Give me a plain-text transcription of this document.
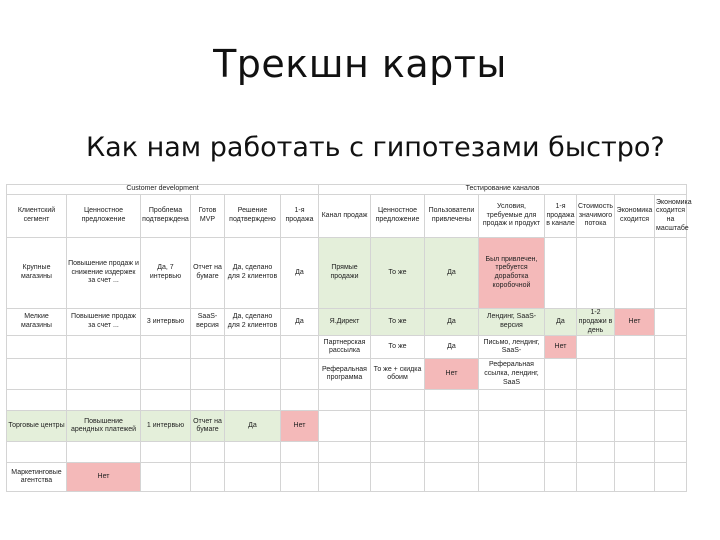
Трекшн карты
Как нам работать с гипотезами быстро?
Customer development						Тестирование каналов							
Клиентский сегмент	Ценностное предложение	Проблема подтверждена	Готов MVP	Решение подтверждено	1-я продажа	Канал продаж	Ценностное предложение	Пользователи привлечены	Условия, требуемые для продаж и продукт	1-я продажа в канале	Стоимость значимого потока	Экономика сходится	Экономика сходится на масштабе
Крупные магазины	Повышение продаж и снижение издержек за счет ...	Да, 7 интервью	Отчет на бумаге	Да, сделано для 2 клиентов	Да	Прямые продажи	То же	Да	Был привлечен, требуется доработка коробочной				
Мелкие магазины	Повышение продаж за счет ...	3 интервью	SaaS-версия	Да, сделано для 2 клиентов	Да	Я.Директ	То же	Да	Лендинг, SaaS-версия	Да	1-2 продажи в день	Нет	
						Партнерская рассылка	То же	Да	Письмо, лендинг, SaaS-	Нет			
						Реферальная программа	То же + скидка обоим	Нет	Реферальная ссылка, лендинг, SaaS				

Торговые центры	Повышение арендных платежей	1 интервью	Отчет на бумаге	Да	Нет								

Маркетинговые агентства	Нет												
